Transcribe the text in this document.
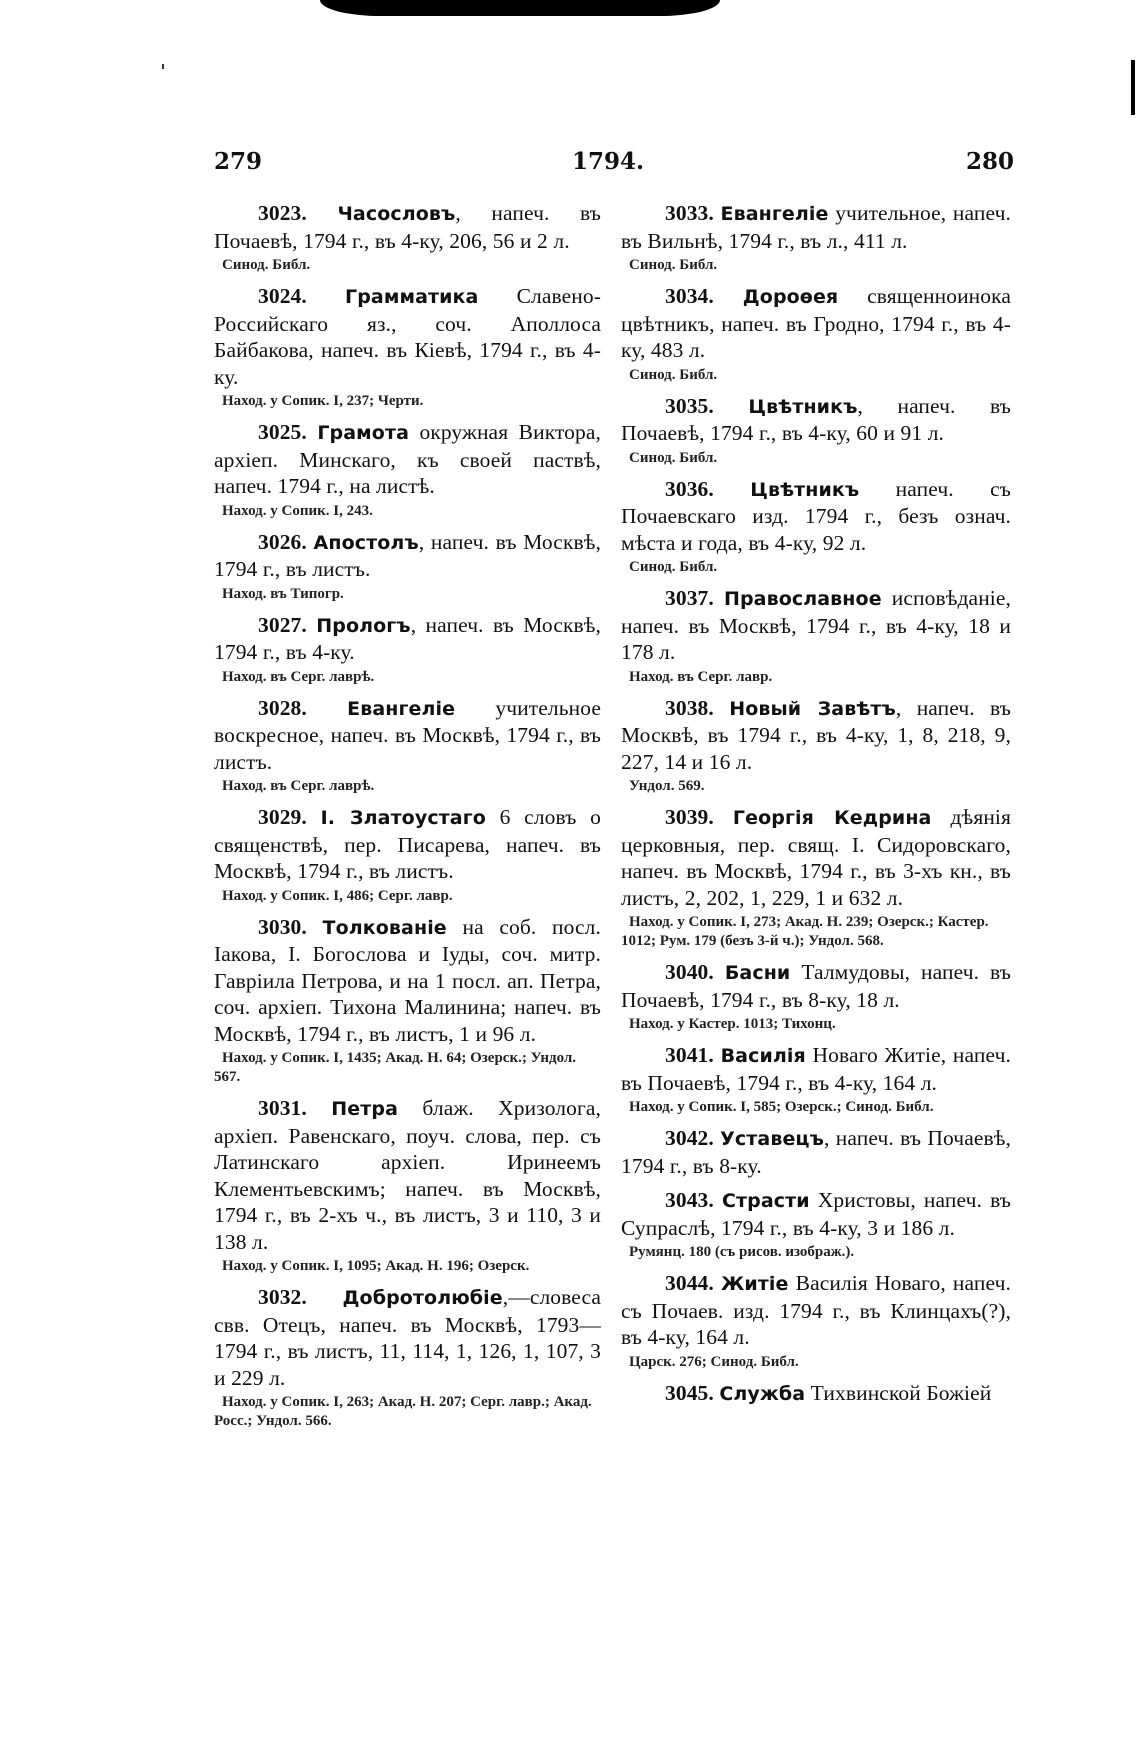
279	1794.	280

3023. Часословъ, напеч. въ Почаевѣ, 1794 г., въ 4-ку, 206, 56 и 2 л.

Синод. Библ.

3024. Грамматика Славено-Российскаго яз., соч. Аполлоса Байбакова, напеч. въ Кіевѣ, 1794 г., въ 4-ку.

Наход. у Сопик. I, 237; Черти.

3025. Грамота окружная Виктора, архіеп. Минскаго, къ своей паствѣ, напеч. 1794 г., на листѣ.

Наход. у Сопик. I, 243.

3026. Апостолъ, напеч. въ Москвѣ, 1794 г., въ листъ.

Наход. въ Типогр.

3027. Прологъ, напеч. въ Москвѣ, 1794 г., въ 4-ку.

Наход. въ Серг. лаврѣ.

3028. Евангеліе учительное воскресное, напеч. въ Москвѣ, 1794 г., въ листъ.

Наход. въ Серг. лаврѣ.

3029. I. Златоустаго 6 словъ о священствѣ, пер. Писарева, напеч. въ Москвѣ, 1794 г., въ листъ.

Наход. у Сопик. I, 486; Серг. лавр.

3030. Толкованіе на соб. посл. Іакова, І. Богослова и Іуды, соч. митр. Гавріила Петрова, и на 1 посл. ап. Петра, соч. архіеп. Тихона Малинина; напеч. въ Москвѣ, 1794 г., въ листъ, 1 и 96 л.

Наход. у Сопик. I, 1435; Акад. Н. 64; Озерск.; Ундол. 567.

3031. Петра блаж. Хризолога, архіеп. Равенскаго, поуч. слова, пер. съ Латинскаго архіеп. Иринеемъ Клементьевскимъ; напеч. въ Москвѣ, 1794 г., въ 2-хъ ч., въ листъ, 3 и 110, 3 и 138 л.

Наход. у Сопик. I, 1095; Акад. Н. 196; Озерск.

3032. Добротолюбіе,—словеса свв. Отецъ, напеч. въ Москвѣ, 1793—1794 г., въ листъ, 11, 114, 1, 126, 1, 107, 3 и 229 л.

Наход. у Сопик. I, 263; Акад. Н. 207; Серг. лавр.; Акад. Росс.; Ундол. 566.

3033. Евангеліе учительное, напеч. въ Вильнѣ, 1794 г., въ л., 411 л.

Синод. Библ.

3034. Дороѳея священноинока цвѣтникъ, напеч. въ Гродно, 1794 г., въ 4-ку, 483 л.

Синод. Библ.

3035. Цвѣтникъ, напеч. въ Почаевѣ, 1794 г., въ 4-ку, 60 и 91 л.

Синод. Библ.

3036. Цвѣтникъ напеч. съ Почаевскаго изд. 1794 г., безъ означ. мѣста и года, въ 4-ку, 92 л.

Синод. Библ.

3037. Православное исповѣданіе, напеч. въ Москвѣ, 1794 г., въ 4-ку, 18 и 178 л.

Наход. въ Серг. лавр.

3038. Новый Завѣтъ, напеч. въ Москвѣ, въ 1794 г., въ 4-ку, 1, 8, 218, 9, 227, 14 и 16 л.

Ундол. 569.

3039. Георгія Кедрина дѣянія церковныя, пер. свящ. І. Сидоровскаго, напеч. въ Москвѣ, 1794 г., въ 3-хъ кн., въ листъ, 2, 202, 1, 229, 1 и 632 л.

Наход. у Сопик. I, 273; Акад. Н. 239; Озерск.; Кастер. 1012; Рум. 179 (безъ 3-й ч.); Ундол. 568.

3040. Басни Талмудовы, напеч. въ Почаевѣ, 1794 г., въ 8-ку, 18 л.

Наход. у Кастер. 1013; Тихонц.

3041. Василія Новаго Житіе, напеч. въ Почаевѣ, 1794 г., въ 4-ку, 164 л.

Наход. у Сопик. I, 585; Озерск.; Синод. Библ.

3042. Уставецъ, напеч. въ Почаевѣ, 1794 г., въ 8-ку.

3043. Страсти Христовы, напеч. въ Супраслѣ, 1794 г., въ 4-ку, 3 и 186 л.

Румянц. 180 (съ рисов. изображ.).

3044. Житіе Василія Новаго, напеч. съ Почаев. изд. 1794 г., въ Клинцахъ(?), въ 4-ку, 164 л.

Царск. 276; Синод. Библ.

3045. Служба Тихвинской Божіей
